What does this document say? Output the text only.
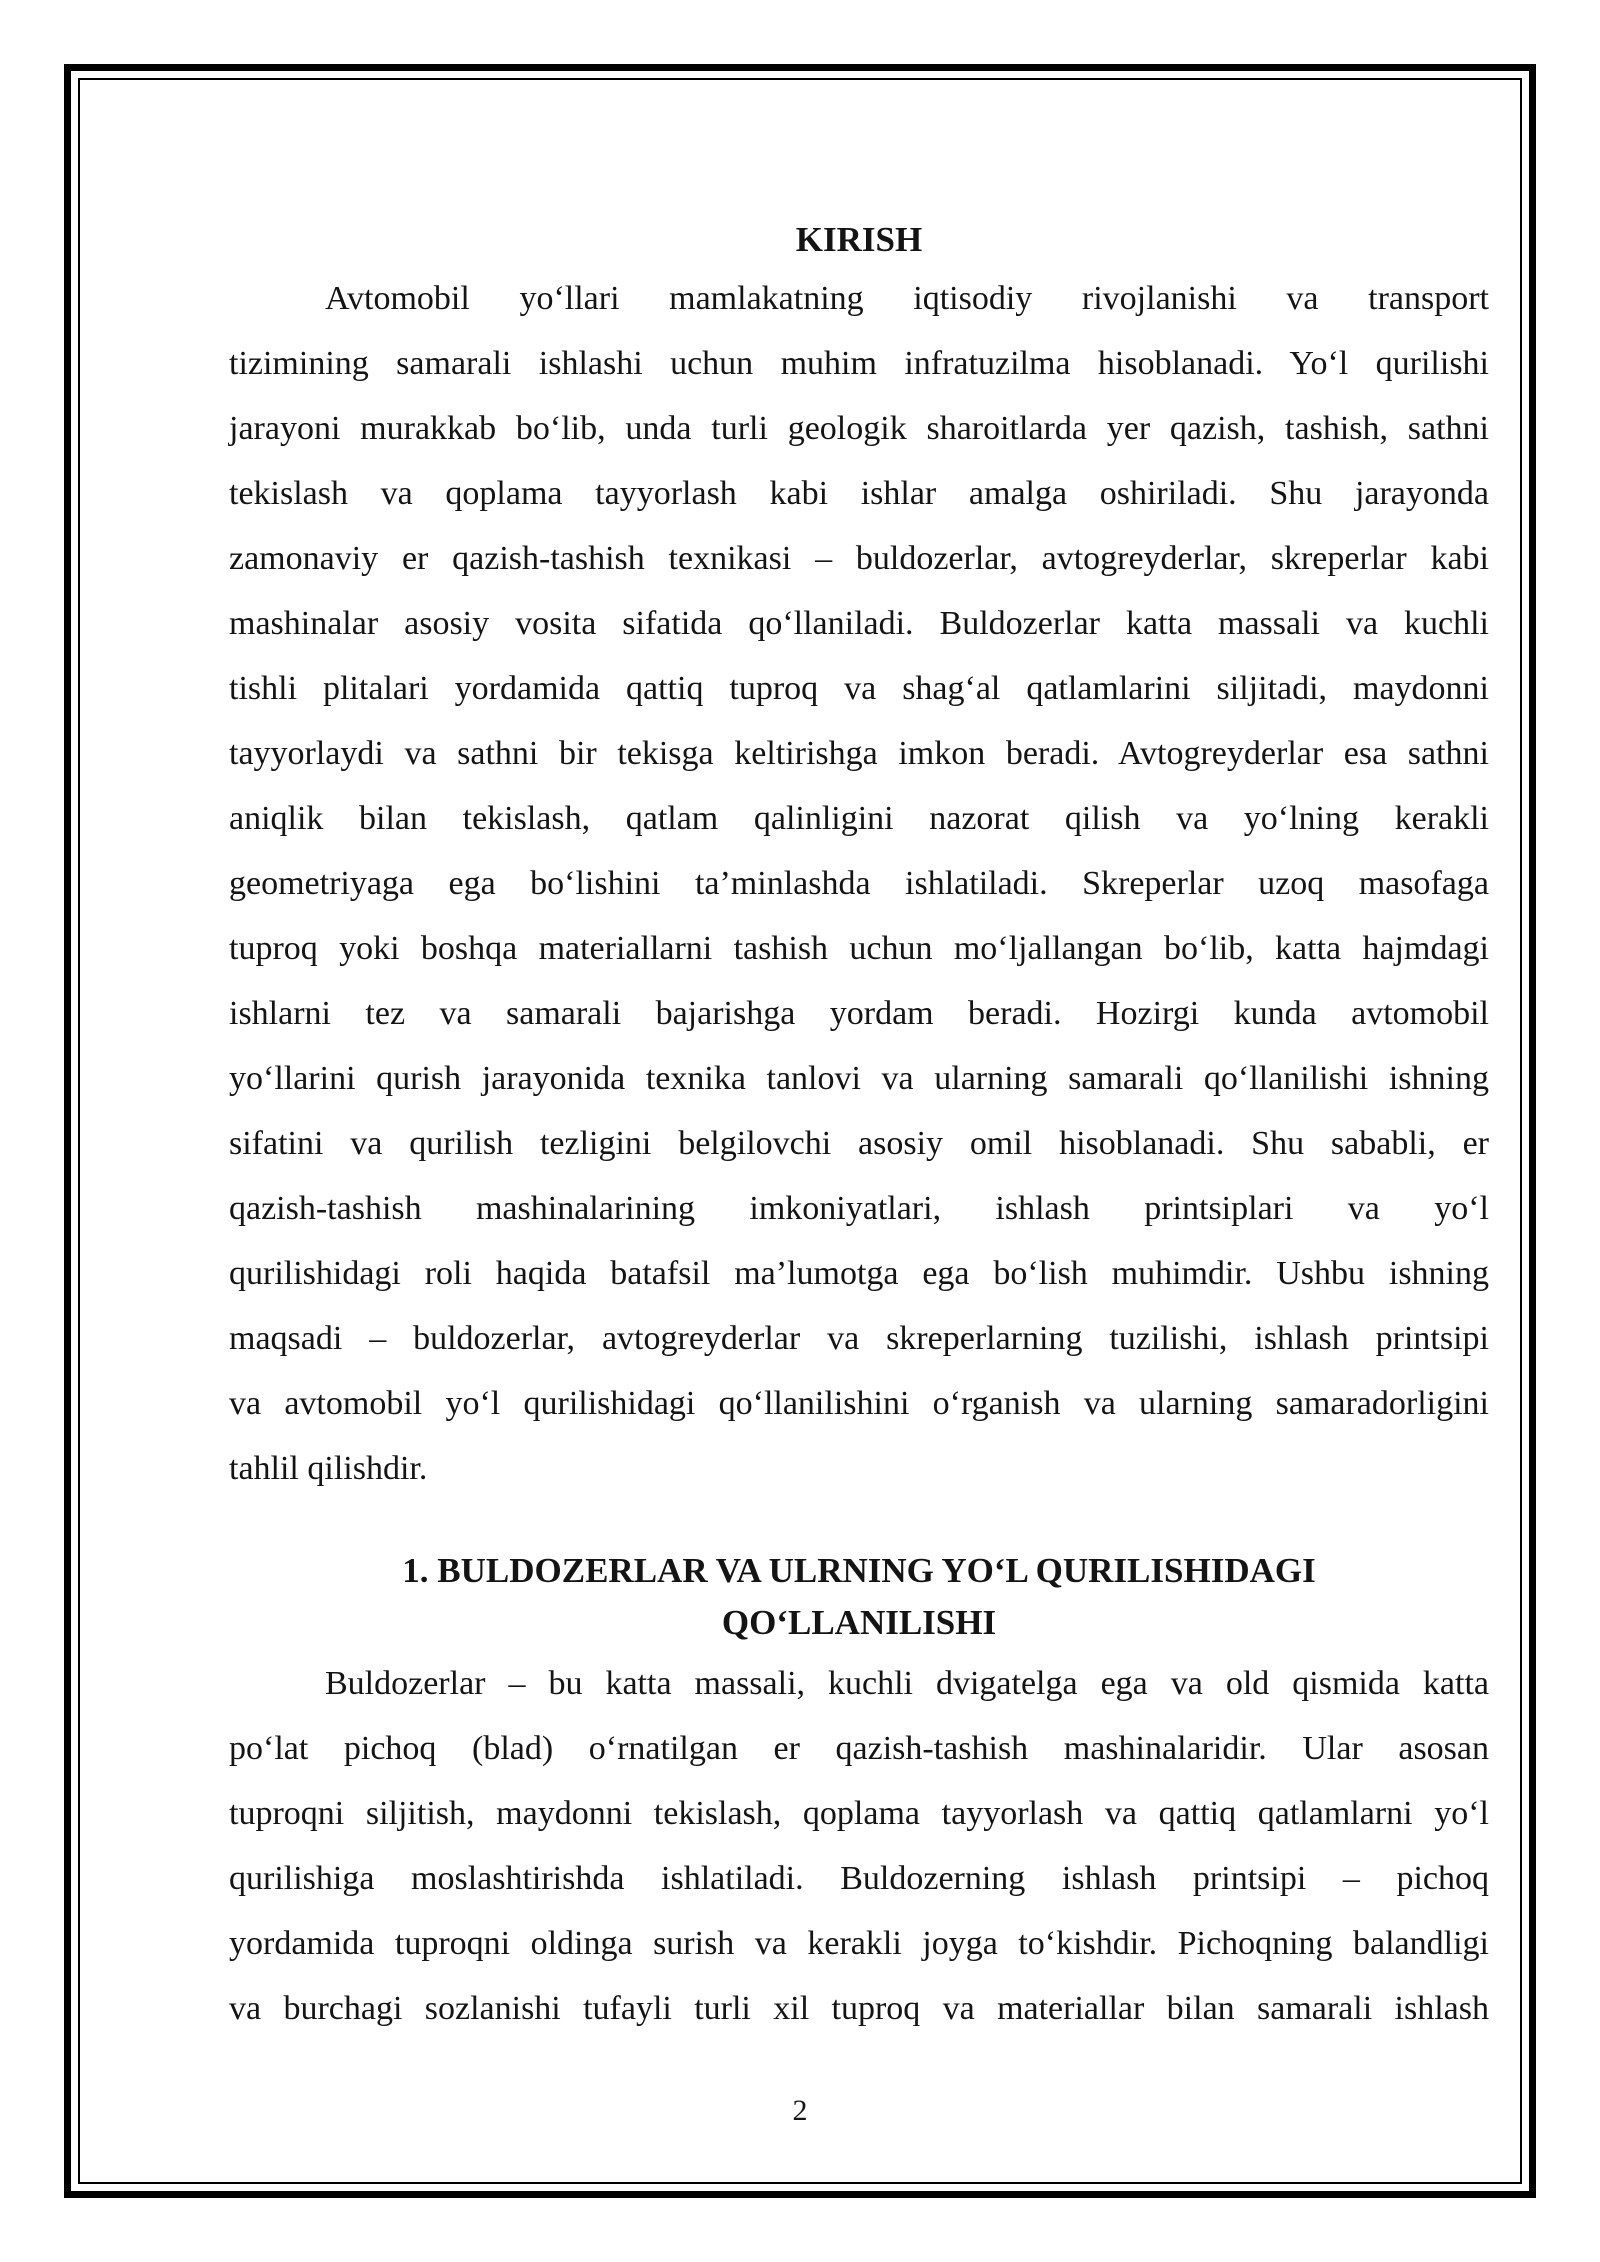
KIRISH
Avtomobil yo‘llari mamlakatning iqtisodiy rivojlanishi va transport
tizimining samarali ishlashi uchun muhim infratuzilma hisoblanadi. Yo‘l qurilishi
jarayoni murakkab bo‘lib, unda turli geologik sharoitlarda yer qazish, tashish, sathni
tekislash va qoplama tayyorlash kabi ishlar amalga oshiriladi. Shu jarayonda
zamonaviy er qazish-tashish texnikasi – buldozerlar, avtogreyderlar, skreperlar kabi
mashinalar asosiy vosita sifatida qo‘llaniladi. Buldozerlar katta massali va kuchli
tishli plitalari yordamida qattiq tuproq va shag‘al qatlamlarini siljitadi, maydonni
tayyorlaydi va sathni bir tekisga keltirishga imkon beradi. Avtogreyderlar esa sathni
aniqlik bilan tekislash, qatlam qalinligini nazorat qilish va yo‘lning kerakli
geometriyaga ega bo‘lishini ta’minlashda ishlatiladi. Skreperlar uzoq masofaga
tuproq yoki boshqa materiallarni tashish uchun mo‘ljallangan bo‘lib, katta hajmdagi
ishlarni tez va samarali bajarishga yordam beradi. Hozirgi kunda avtomobil
yo‘llarini qurish jarayonida texnika tanlovi va ularning samarali qo‘llanilishi ishning
sifatini va qurilish tezligini belgilovchi asosiy omil hisoblanadi. Shu sababli, er
qazish-tashish mashinalarining imkoniyatlari, ishlash printsiplari va yo‘l
qurilishidagi roli haqida batafsil ma’lumotga ega bo‘lish muhimdir. Ushbu ishning
maqsadi – buldozerlar, avtogreyderlar va skreperlarning tuzilishi, ishlash printsipi
va avtomobil yo‘l qurilishidagi qo‘llanilishini o‘rganish va ularning samaradorligini
tahlil qilishdir.
1. BULDOZERLAR VA ULRNING YO‘L QURILISHIDAGI
QO‘LLANILISHI
Buldozerlar – bu katta massali, kuchli dvigatelga ega va old qismida katta
po‘lat pichoq (blad) o‘rnatilgan er qazish-tashish mashinalaridir. Ular asosan
tuproqni siljitish, maydonni tekislash, qoplama tayyorlash va qattiq qatlamlarni yo‘l
qurilishiga moslashtirishda ishlatiladi. Buldozerning ishlash printsipi – pichoq
yordamida tuproqni oldinga surish va kerakli joyga to‘kishdir. Pichoqning balandligi
va burchagi sozlanishi tufayli turli xil tuproq va materiallar bilan samarali ishlash
2
